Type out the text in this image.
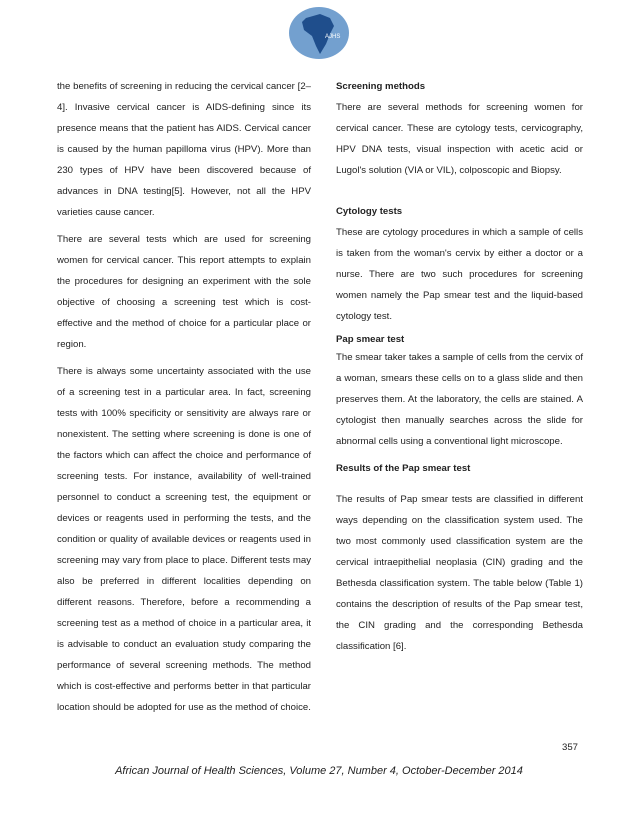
AJHS

the benefits of screening in reducing the cervical cancer [2–4]. Invasive cervical cancer is AIDS-defining since its presence means that the patient has AIDS. Cervical cancer is caused by the human papilloma virus (HPV). More than 230 types of HPV have been discovered because of advances in DNA testing[5]. However, not all the HPV varieties cause cancer.

There are several tests which are used for screening women for cervical cancer. This report attempts to explain the procedures for designing an experiment with the sole objective of choosing a screening test which is cost-effective and the method of choice for a particular place or region.

There is always some uncertainty associated with the use of a screening test in a particular area. In fact, screening tests with 100% specificity or sensitivity are always rare or nonexistent. The setting where screening is done is one of the factors which can affect the choice and performance of screening tests. For instance, availability of well-trained personnel to conduct a screening test, the equipment or devices or reagents used in performing the tests, and the condition or quality of available devices or reagents used in screening may vary from place to place. Different tests may also be preferred in different localities depending on different reasons. Therefore, before a recommending a screening test as a method of choice in a particular area, it is advisable to conduct an evaluation study comparing the performance of several screening methods. The method which is cost-effective and performs better in that particular location should be adopted for use as the method of choice.

Screening methods

There are several methods for screening women for cervical cancer. These are cytology tests, cervicography, HPV DNA tests, visual inspection with acetic acid or Lugol's solution (VIA or VIL), colposcopic and Biopsy.

Cytology tests

These are cytology procedures in which a sample of cells is taken from the woman's cervix by either a doctor or a nurse. There are two such procedures for screening women namely the Pap smear test and the liquid-based cytology test.

Pap smear test

The smear taker takes a sample of cells from the cervix of a woman, smears these cells on to a glass slide and then preserves them. At the laboratory, the cells are stained. A cytologist then manually searches across the slide for abnormal cells using a conventional light microscope.

Results of the Pap smear test

The results of Pap smear tests are classified in different ways depending on the classification system used. The two most commonly used classification system are the cervical intraepithelial neoplasia (CIN) grading and the Bethesda classification system. The table below (Table 1) contains the description of results of the Pap smear test, the CIN grading and the corresponding Bethesda classification [6].

357
African Journal of Health Sciences, Volume 27, Number 4, October-December 2014
